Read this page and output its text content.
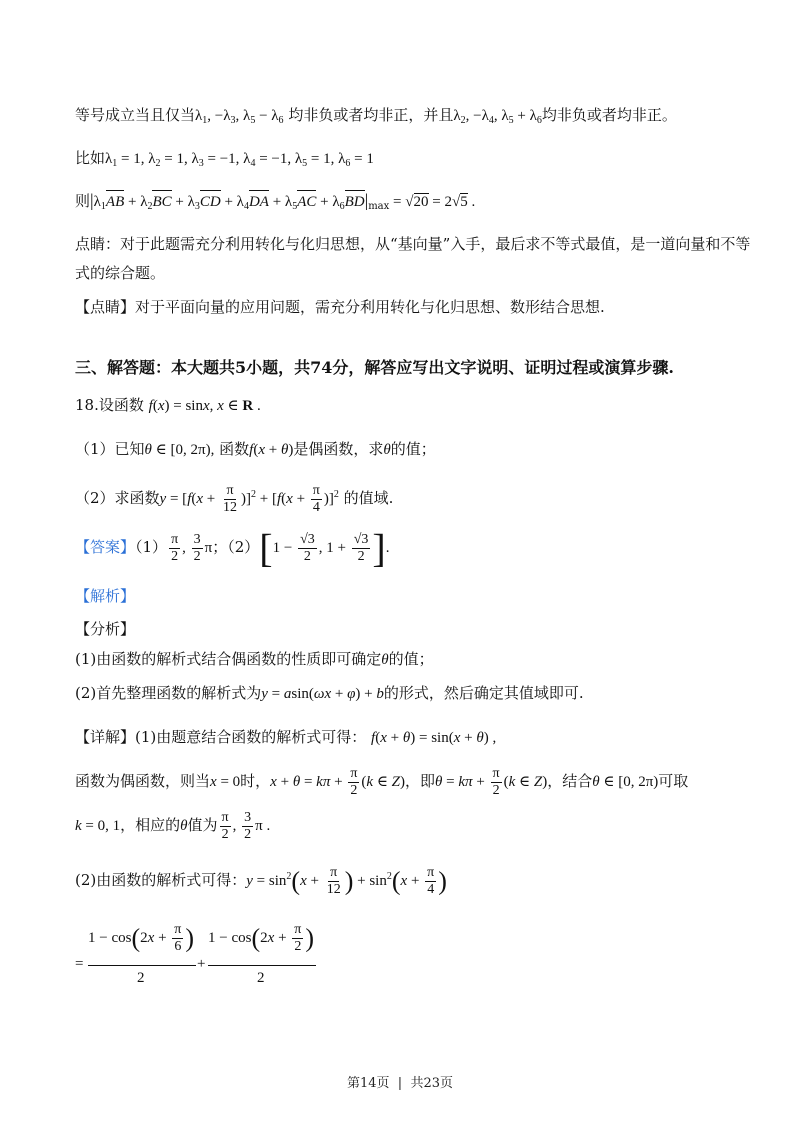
等号成立当且仅当$\lambda_1$, $-\lambda_3$, $\lambda_5 - \lambda_6$ 均非负或者均非正，并且$\lambda_2$, $-\lambda_4$, $\lambda_5 + \lambda_6$均非负或者均非正。
比如$\lambda_1 = 1$, $\lambda_2 = 1$, $\lambda_3 = -1$, $\lambda_4 = -1$, $\lambda_5 = 1$, $\lambda_6 = 1$
则$|\lambda_1AB + \lambda_2BC + \lambda_3CD + \lambda_4DA + \lambda_5AC + \lambda_6BD|_{max} = √20 = 2√5$ .
点睛：对于此题需充分利用转化与化归思想，从“基向量”入手，最后求不等式最值，是一道向量和不等
式的综合题。
【点睛】对于平面向量的应用问题，需充分利用转化与化归思想、数形结合思想.
三、解答题：本大题共5小题，共74分，解答应写出文字说明、证明过程或演算步骤.
18.设函数 f(x) = sinx, x ∈ R .
（1）已知θ ∈ [0, 2π), 函数f(x + θ)是偶函数，求θ的值；
（2）求函数$y = [f(x + \frac{\pi}{12} )]^2 + [f(x + \frac{\pi}{4} )]^2$ 的值域.
【答案】$(1) \frac{\pi}{2}$ , $\frac{3}{2}$ π；$(2)[1 - \frac{√3}{2}$ , $1 + \frac{√3}{2}$ ].
【解析】
【分析】
(1)由函数的解析式结合偶函数的性质即可确定θ的值；
(2)首先整理函数的解析式为y = asin(ωx + φ) + b的形式，然后确定其值域即可.
【详解】(1)由题意结合函数的解析式可得： f(x + θ) = sin(x + θ) ,
函数为偶函数，则当x = 0时，$x + \theta = k\pi + \frac{\pi}{2} (k$ ∈ Z)，即$\theta = k\pi + \frac{\pi}{2} (k$ ∈ Z)，结合θ ∈ [0, 2π)可取
k = 0, 1，相应的θ值为 $\frac{\pi}{2}$ , $\frac{3}{2}$ π .
(2)由函数的解析式可得：$y = \sin^2(x + \frac{\pi}{12}$ ) + $\sin^2(x + \frac{\pi}{4}$ )
$1 - \cos(2x + \frac{\pi}{6}$ )
=
2
+
$1 - \cos(2x + \frac{\pi}{2}$ )
2
第14页 | 共23页
